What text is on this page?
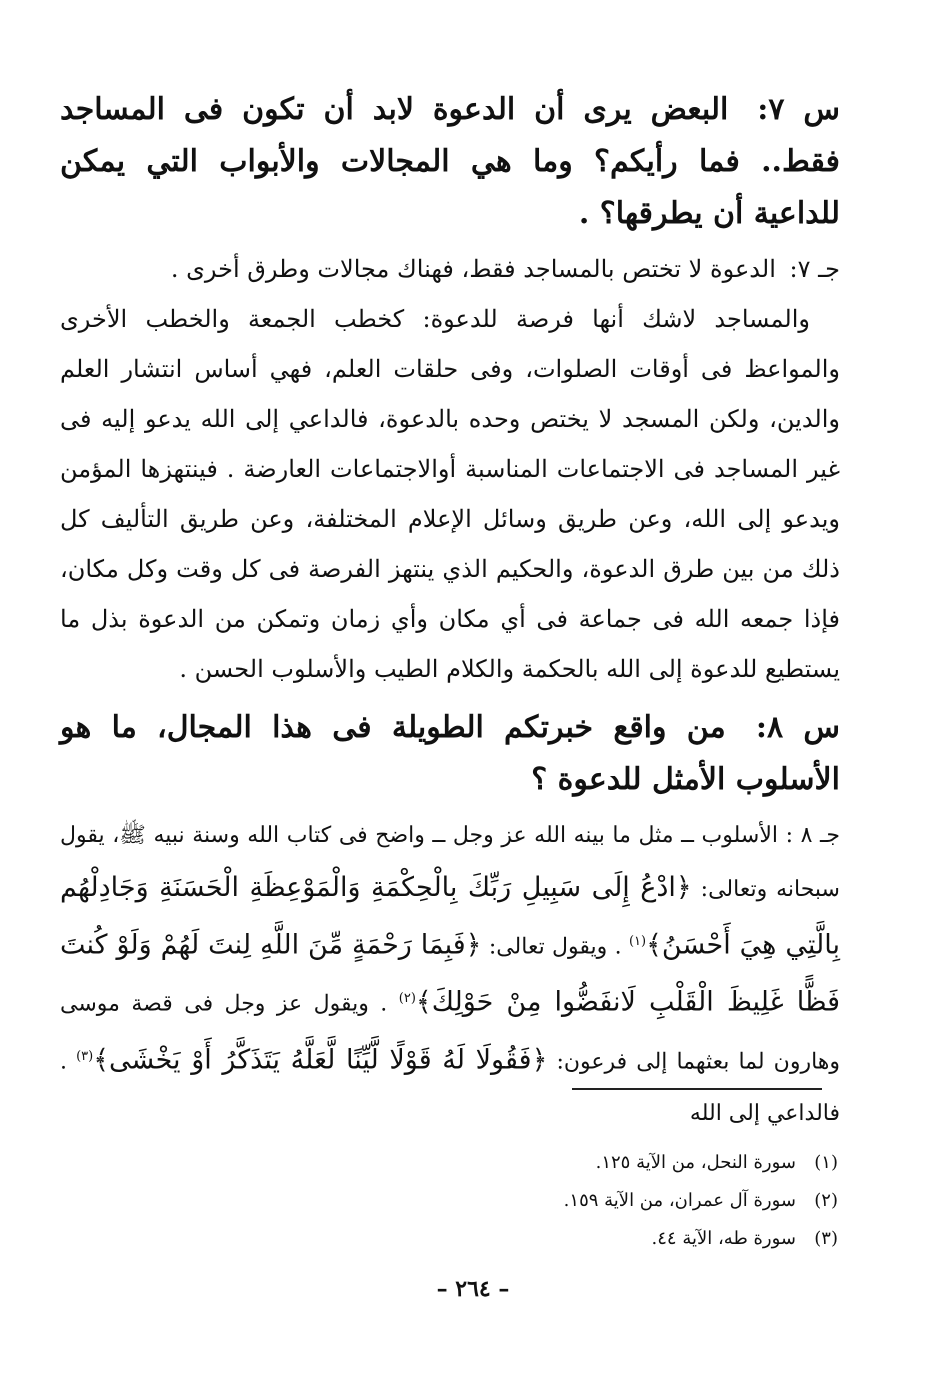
س ٧: البعض يرى أن الدعوة لابد أن تكون فى المساجد فقط.. فما رأيكم؟ وما هي المجالات والأبواب التي يمكن للداعية أن يطرقها؟ .

جـ ٧: الدعوة لا تختص بالمساجد فقط، فهناك مجالات وطرق أخرى .

والمساجد لاشك أنها فرصة للدعوة: كخطب الجمعة والخطب الأخرى والمواعظ فى أوقات الصلوات، وفى حلقات العلم، فهي أساس انتشار العلم والدين، ولكن المسجد لا يختص وحده بالدعوة، فالداعي إلى الله يدعو إليه فى غير المساجد فى الاجتماعات المناسبة أوالاجتماعات العارضة . فينتهزها المؤمن ويدعو إلى الله، وعن طريق وسائل الإعلام المختلفة، وعن طريق التأليف كل ذلك من بين طرق الدعوة، والحكيم الذي ينتهز الفرصة فى كل وقت وكل مكان، فإذا جمعه الله فى جماعة فى أي مكان وأي زمان وتمكن من الدعوة بذل ما يستطيع للدعوة إلى الله بالحكمة والكلام الطيب والأسلوب الحسن .

س ٨: من واقع خبرتكم الطويلة فى هذا المجال، ما هو الأسلوب الأمثل للدعوة ؟

جـ ٨ : الأسلوب ــ مثل ما بينه الله عز وجل ــ واضح فى كتاب الله وسنة نبيه ﷺ، يقول سبحانه وتعالى: ﴿ادْعُ إِلَى سَبِيلِ رَبِّكَ بِالْحِكْمَةِ وَالْمَوْعِظَةِ الْحَسَنَةِ وَجَادِلْهُم بِالَّتِي هِيَ أَحْسَنُ﴾$^{(١)}$ . ويقول تعالى: ﴿فَبِمَا رَحْمَةٍ مِّنَ اللَّهِ لِنتَ لَهُمْ وَلَوْ كُنتَ فَظًّا غَلِيظَ الْقَلْبِ لَانفَضُّوا مِنْ حَوْلِكَ﴾$^{(٢)}$ . ويقول عز وجل فى قصة موسى وهارون لما بعثهما إلى فرعون: ﴿فَقُولَا لَهُ قَوْلًا لَّيِّنًا لَّعَلَّهُ يَتَذَكَّرُ أَوْ يَخْشَى﴾$^{(٣)}$ . فالداعي إلى الله

(١)سورة النحل، من الآية ١٢٥.
(٢)سورة آل عمران، من الآية ١٥٩.
(٣)سورة طه، الآية ٤٤.
– ٢٦٤ –
